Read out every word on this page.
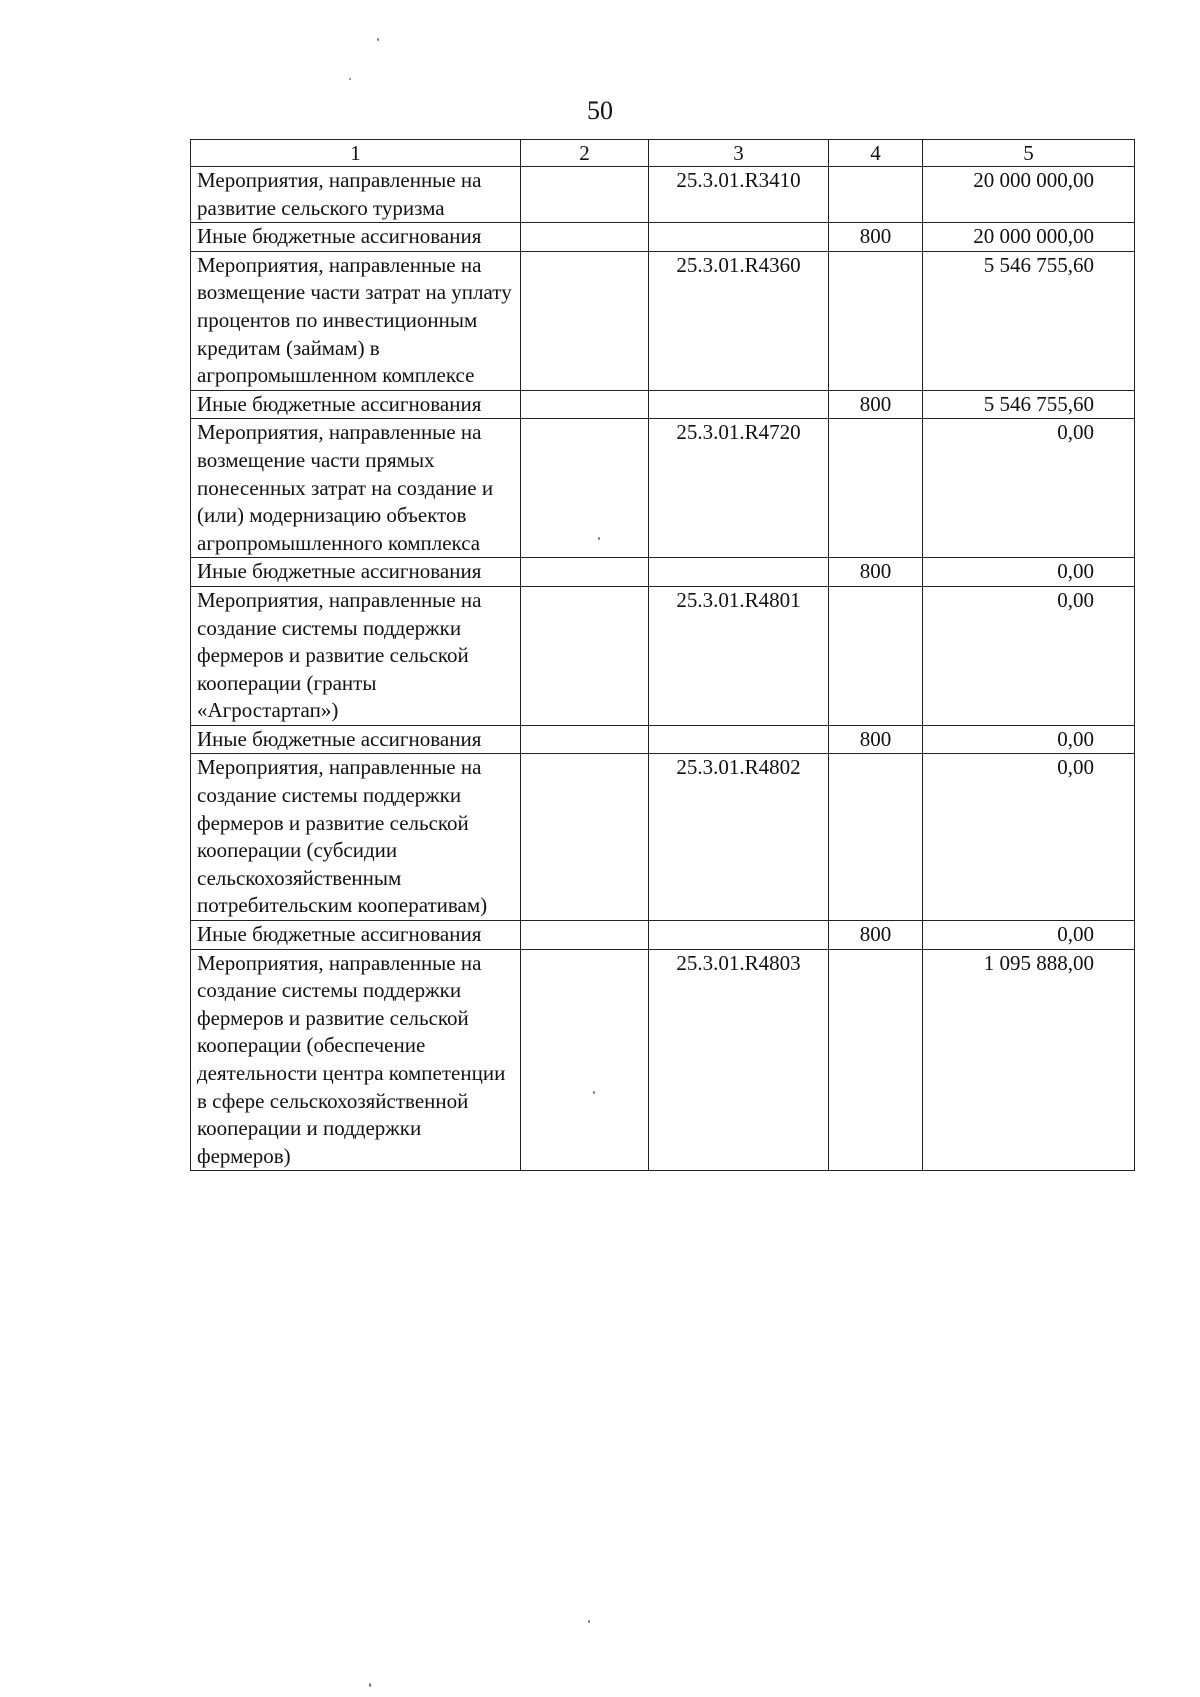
50
1	2	3	4	5
Мероприятия, направленные на развитие сельского туризма		25.3.01.R3410		20 000 000,00
Иные бюджетные ассигнования			800	20 000 000,00
Мероприятия, направленные на возмещение части затрат на уплату процентов по инвестиционным кредитам (займам) в агропромышленном комплексе		25.3.01.R4360		5 546 755,60
Иные бюджетные ассигнования			800	5 546 755,60
Мероприятия, направленные на возмещение части прямых понесенных затрат на создание и (или) модернизацию объектов агропромышленного комплекса		25.3.01.R4720		0,00
Иные бюджетные ассигнования			800	0,00
Мероприятия, направленные на создание системы поддержки фермеров и развитие сельской кооперации (гранты «Агростартап»)		25.3.01.R4801		0,00
Иные бюджетные ассигнования			800	0,00
Мероприятия, направленные на создание системы поддержки фермеров и развитие сельской кооперации (субсидии сельскохозяйственным потребительским кооперативам)		25.3.01.R4802		0,00
Иные бюджетные ассигнования			800	0,00
Мероприятия, направленные на создание системы поддержки фермеров и развитие сельской кооперации (обеспечение деятельности центра компетенции в сфере сельскохозяйственной кооперации и поддержки фермеров)		25.3.01.R4803		1 095 888,00
